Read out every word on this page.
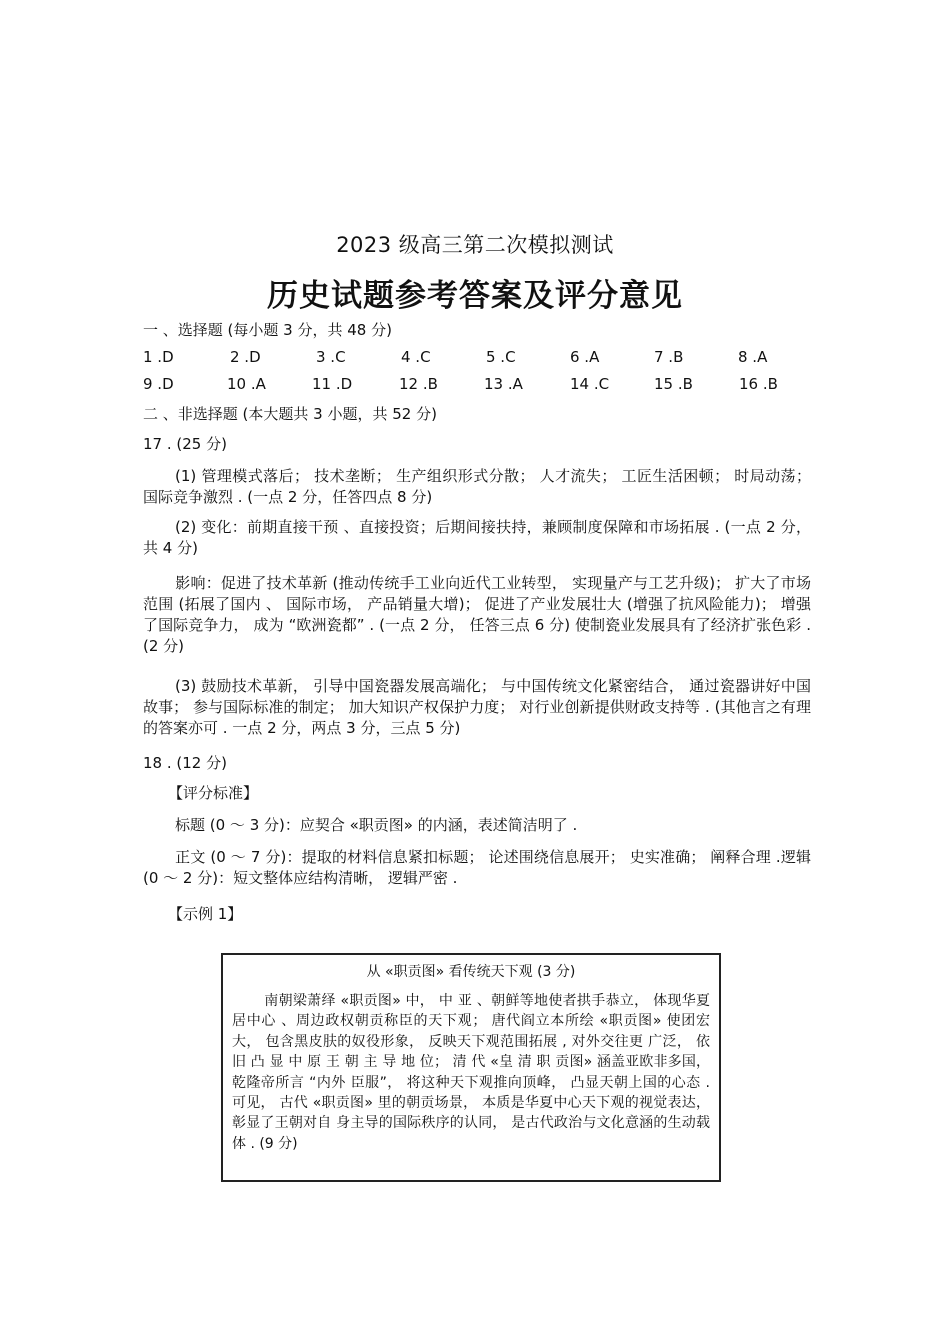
2023 级高三第二次模拟测试
历史试题参考答案及评分意见
一 、选择题 (每小题 3 分，共 48 分)
1 .D	2 .D	3 .C	4 .C	5 .C	6 .A	7 .B	8 .A
9 .D	10 .A	11 .D	12 .B	13 .A	14 .C	15 .B	16 .B
二 、非选择题 (本大题共 3 小题，共 52 分)
17 . (25 分)
(1) 管理模式落后； 技术垄断； 生产组织形式分散； 人才流失； 工匠生活困顿； 时局动荡； 国际竞争激烈 . (一点 2 分，任答四点 8 分)
(2) 变化：前期直接干预 、直接投资；后期间接扶持，兼顾制度保障和市场拓展 . (一点 2 分，共 4 分)
影响：促进了技术革新 (推动传统手工业向近代工业转型， 实现量产与工艺升级)； 扩大了市场范围 (拓展了国内 、 国际市场， 产品销量大增)； 促进了产业发展壮大 (增强了抗风险能力)； 增强了国际竞争力， 成为 “欧洲瓷都” . (一点 2 分， 任答三点 6 分) 使制瓷业发展具有了经济扩张色彩 . (2 分)
(3) 鼓励技术革新， 引导中国瓷器发展高端化； 与中国传统文化紧密结合， 通过瓷器讲好中国故事； 参与国际标准的制定； 加大知识产权保护力度； 对行业创新提供财政支持等 . (其他言之有理的答案亦可 . 一点 2 分，两点 3 分，三点 5 分)
18 . (12 分)
【评分标准】
标题 (0 ～ 3 分)：应契合 «职贡图» 的内涵，表述简洁明了 .
正文 (0 ～ 7 分)：提取的材料信息紧扣标题； 论述围绕信息展开； 史实准确； 阐释合理 .逻辑 (0 ～ 2 分)：短文整体应结构清晰， 逻辑严密 .
【示例 1】
从 «职贡图» 看传统天下观 (3 分)
南朝梁萧绎 «职贡图» 中， 中 亚 、朝鲜等地使者拱手恭立， 体现华夏居中心 、周边政权朝贡称臣的天下观； 唐代阎立本所绘 «职贡图» 使团宏大， 包含黑皮肤的奴役形象， 反映天下观范围拓展 , 对外交往更 广泛， 依 旧 凸 显 中 原 王 朝 主 导 地 位； 清 代 «皇 清 职 贡图» 涵盖亚欧非多国， 乾隆帝所言 “内外 臣服”， 将这种天下观推向顶峰， 凸显天朝上国的心态 . 可见， 古代 «职贡图» 里的朝贡场景， 本质是华夏中心天下观的视觉表达， 彰显了王朝对自 身主导的国际秩序的认同， 是古代政治与文化意涵的生动载体 . (9 分)
